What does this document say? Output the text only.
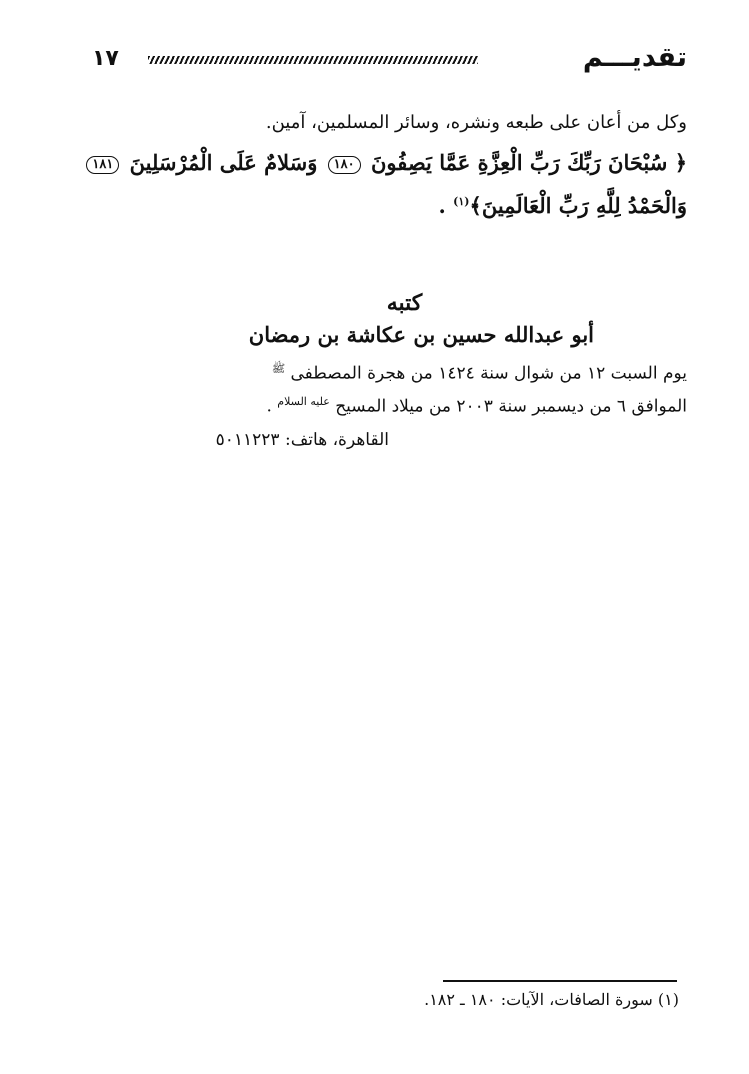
تقديـــم
١٧
وكل من أعان على طبعه ونشره، وسائر المسلمين، آمين.
﴿ سُبْحَانَ رَبِّكَ رَبِّ الْعِزَّةِ عَمَّا يَصِفُونَ ١٨٠ وَسَلامٌ عَلَى الْمُرْسَلِينَ ١٨١
وَالْحَمْدُ لِلَّهِ رَبِّ الْعَالَمِينَ﴾$^{(١)}$ .
كتبه
أبو عبدالله حسين بن عكاشة بن رمضان
يوم السبت ١٢ من شوال سنة ١٤٢٤ من هجرة المصطفى $^ﷺ$
الموافق ٦ من ديسمبر سنة ٢٠٠٣ من ميلاد المسيح $^{عليه السلام}$ .
القاهرة، هاتف: ٥٠١١٢٢٣
(١) سورة الصافات، الآيات: ١٨٠ ـ ١٨٢.
